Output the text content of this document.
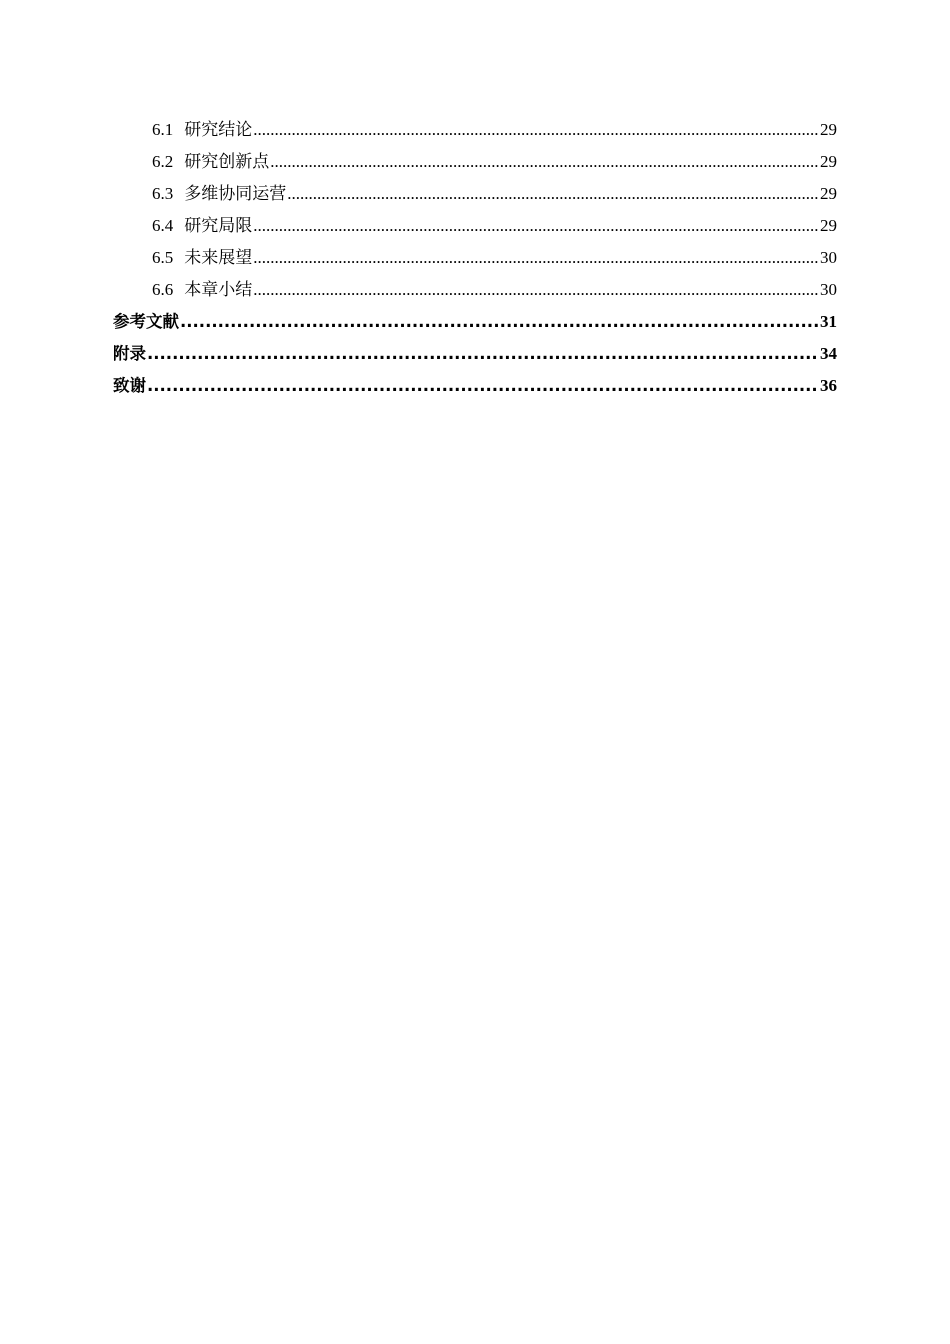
6.1 研究结论 .....	29
6.2 研究创新点 .....	29
6.3 多维协同运营 .....	29
6.4 研究局限 .....	29
6.5 未来展望 .....	30
6.6 本章小结 .....	30
参考文献 .....	31
附录 .....	34
致谢 .....	36
